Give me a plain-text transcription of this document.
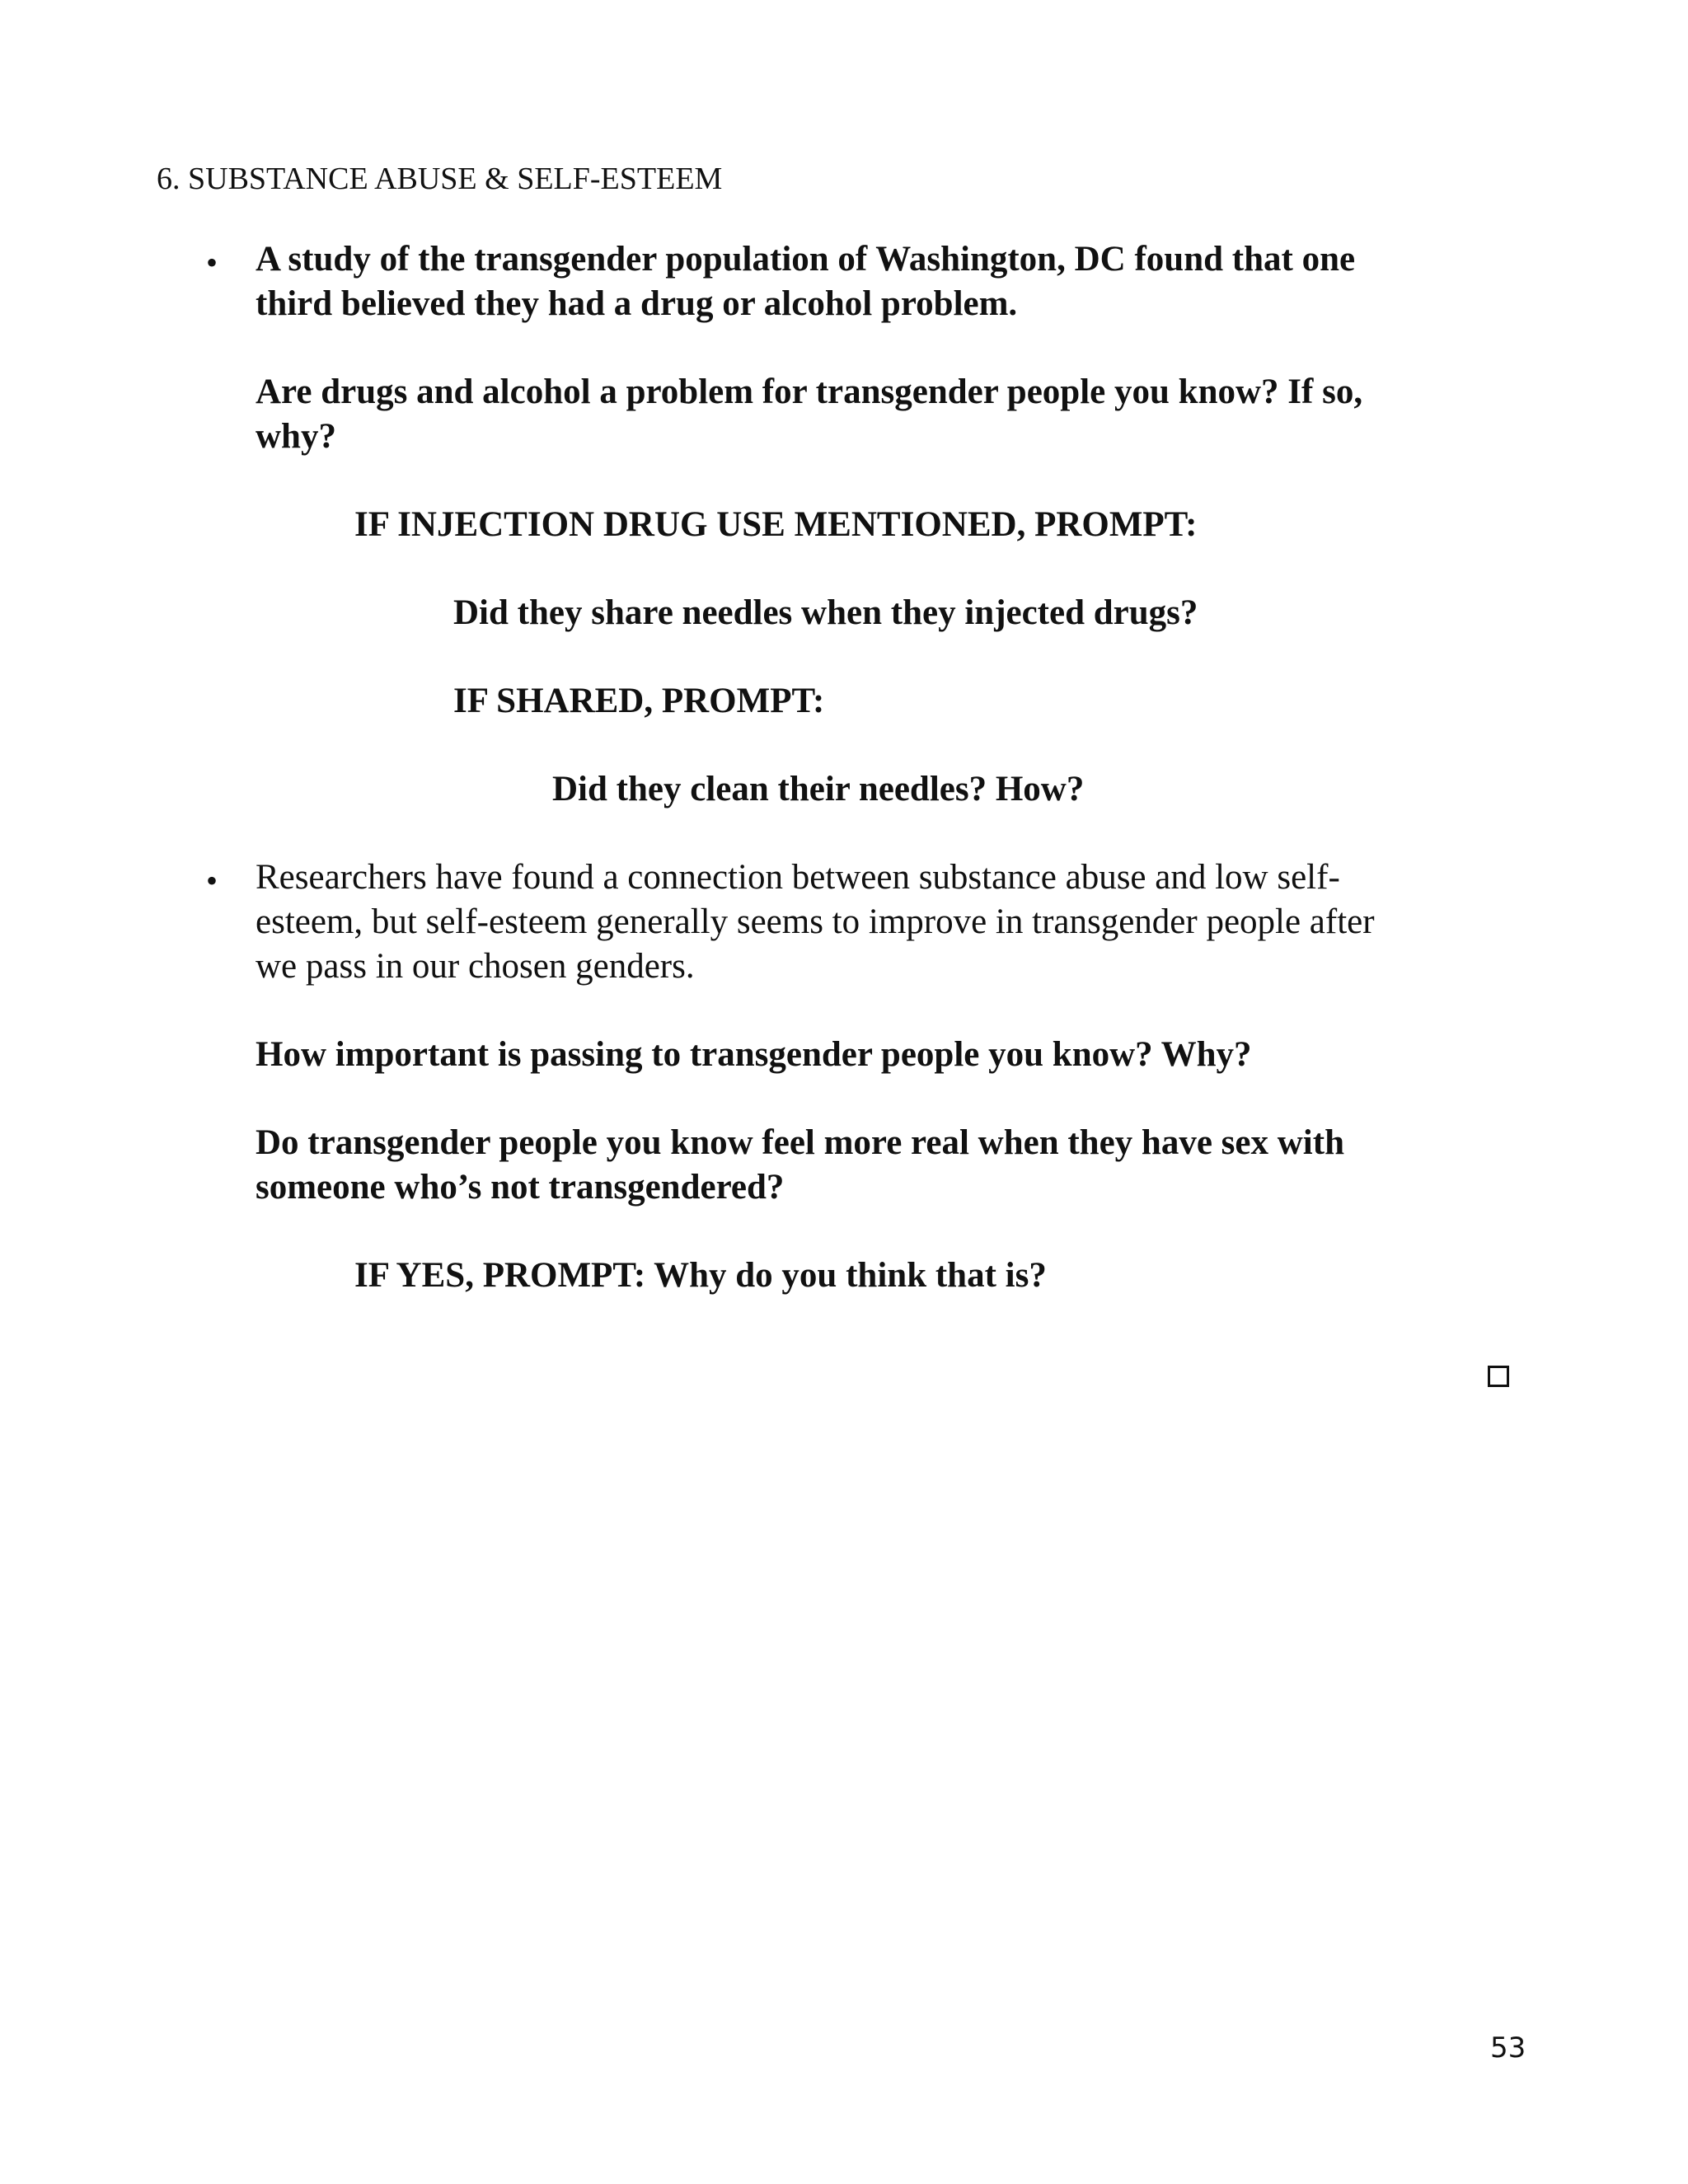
6. SUBSTANCE ABUSE & SELF-ESTEEM
• A study of the transgender population of Washington, DC found that one
third believed they had a drug or alcohol problem.
Are drugs and alcohol a problem for transgender people you know? If so,
why?
IF INJECTION DRUG USE MENTIONED, PROMPT:
Did they share needles when they injected drugs?
IF SHARED, PROMPT:
Did they clean their needles? How?
• Researchers have found a connection between substance abuse and low self-
esteem, but self-esteem generally seems to improve in transgender people after
we pass in our chosen genders.
How important is passing to transgender people you know? Why?
Do transgender people you know feel more real when they have sex with
someone who’s not transgendered?
IF YES, PROMPT: Why do you think that is?
53
